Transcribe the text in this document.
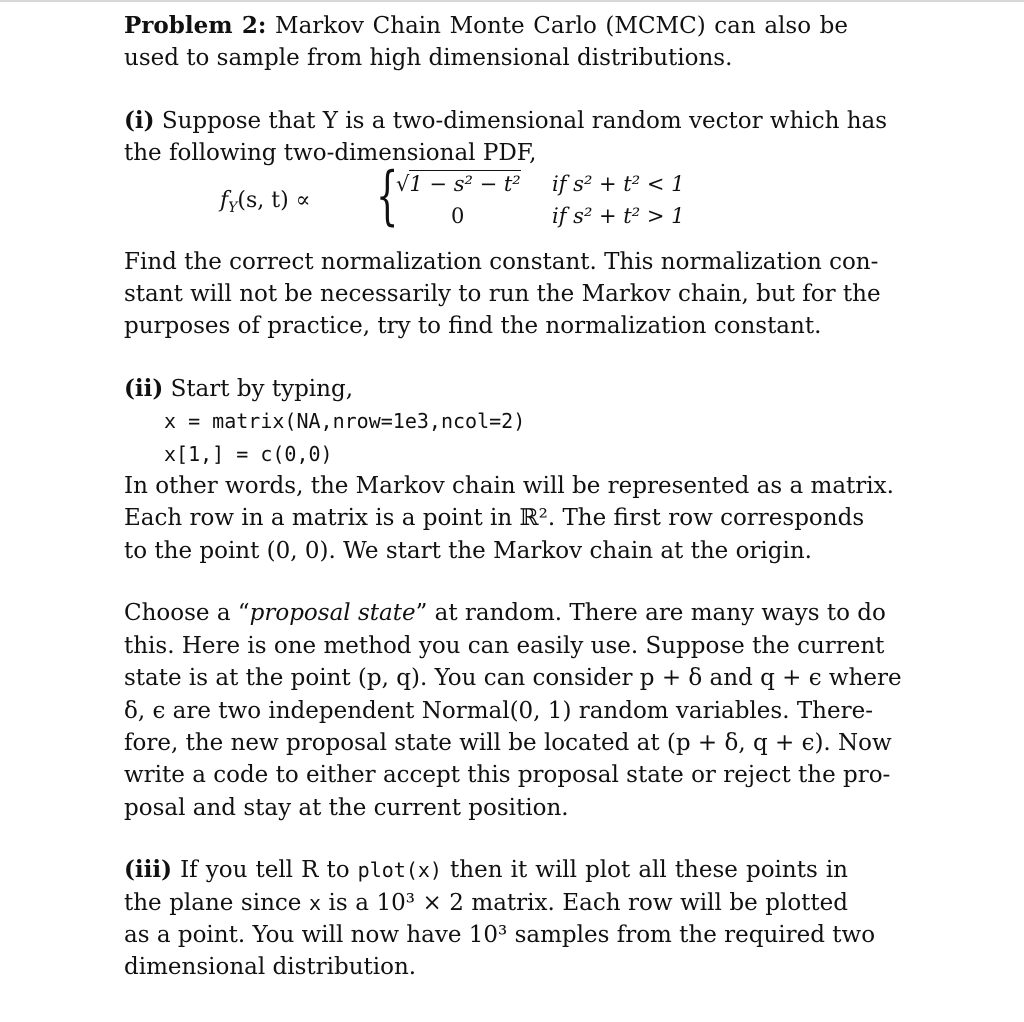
Problem 2: Markov Chain Monte Carlo (MCMC) can also be
used to sample from high dimensional distributions.

(i) Suppose that Y is a two-dimensional random vector which has
the following two-dimensional PDF,

$f_Y(s$, t) ∝ {
√1 − s² − t²
0
if s² + t² < 1
if s² + t² > 1

Find the correct normalization constant. This normalization con-
stant will not be necessarily to run the Markov chain, but for the
purposes of practice, try to find the normalization constant.

(ii) Start by typing,

x = matrix(NA,nrow=1e3,ncol=2)
x[1,] = c(0,0)

In other words, the Markov chain will be represented as a matrix.
Each row in a matrix is a point in ℝ². The first row corresponds
to the point (0, 0). We start the Markov chain at the origin.

Choose a “proposal state” at random. There are many ways to do
this. Here is one method you can easily use. Suppose the current
state is at the point (p, q). You can consider p + δ and q + ϵ where
δ, ϵ are two independent Normal(0, 1) random variables. There-
fore, the new proposal state will be located at (p + δ, q + ϵ). Now
write a code to either accept this proposal state or reject the pro-
posal and stay at the current position.

(iii) If you tell R to plot(x) then it will plot all these points in
the plane since x is a 10³ × 2 matrix. Each row will be plotted
as a point. You will now have 10³ samples from the required two
dimensional distribution.
